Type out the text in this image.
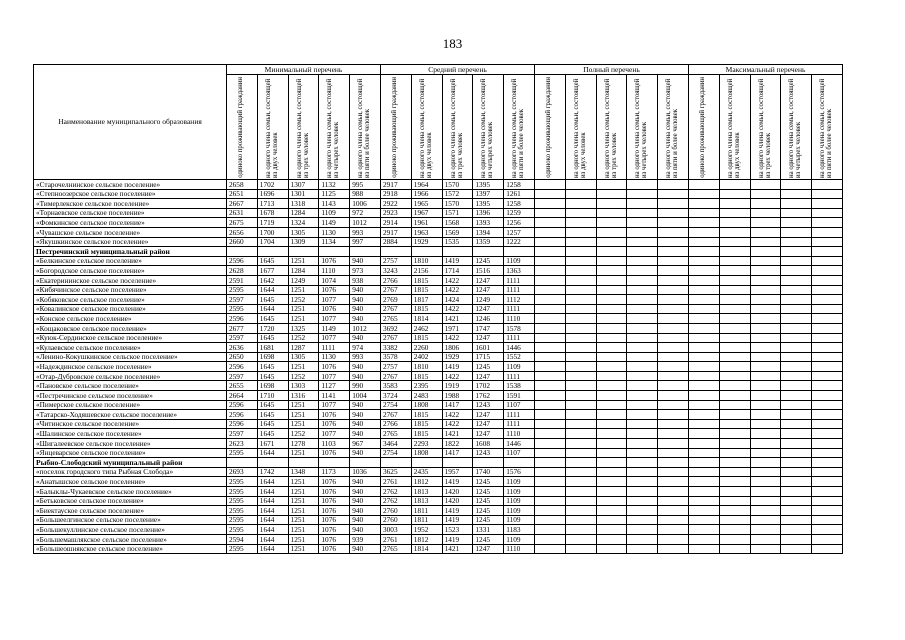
183
Наименование муниципального образования	Минимальный перечень					Средний перечень					Полный перечень					Максимальный перечень				
	одиноко проживающий гражданин	на одного члена семьи, состоящей из двух человек	на одного члена семьи, состоящей из трех человек	на одного члена семьи, состоящей из четырех человек	на одного члена семьи, состоящей из пяти и более человек	одиноко проживающий гражданин	на одного члена семьи, состоящей из двух человек	на одного члена семьи, состоящей из трех человек	на одного члена семьи, состоящей из четырех человек	на одного члена семьи, состоящей из пяти и более человек	одиноко проживающий гражданин	на одного члена семьи, состоящей из двух человек	на одного члена семьи, состоящей из трех человек	на одного члена семьи, состоящей из четырех человек	на одного члена семьи, состоящей из пяти и более человек	одиноко проживающий гражданин	на одного члена семьи, состоящей из двух человек	на одного члена семьи, состоящей из трех человек	на одного члена семьи, состоящей из четырех человек	на одного члена семьи, состоящей из пяти и более человек
«Старочелнинское сельское поселение»	2658	1702	1307	1132	995	2917	1964	1570	1395	1258										
«Степноозерское сельское поселение»	2651	1696	1301	1125	988	2918	1966	1572	1397	1261										
«Тимерлекское сельское поселение»	2667	1713	1318	1143	1006	2922	1965	1570	1395	1258										
«Торнаевское сельское поселение»	2631	1678	1284	1109	972	2923	1967	1571	1396	1259										
«Фомкинское сельское поселение»	2675	1719	1324	1149	1012	2914	1961	1568	1393	1256										
«Чувашское сельское поселение»	2656	1700	1305	1130	993	2917	1963	1569	1394	1257										
«Якушкинское сельское поселение»	2660	1704	1309	1134	997	2884	1929	1535	1359	1222										
Пестречинский муниципальный район																				
«Белкинское сельское поселение»	2596	1645	1251	1076	940	2757	1810	1419	1245	1109										
«Богородское сельское поселение»	2628	1677	1284	1110	973	3243	2156	1714	1516	1363										
«Екатерининское сельское поселение»	2591	1642	1249	1074	938	2766	1815	1422	1247	1111										
«Кибячинское сельское поселение»	2595	1644	1251	1076	940	2767	1815	1422	1247	1111										
«Кобяковское сельское поселение»	2597	1645	1252	1077	940	2769	1817	1424	1249	1112										
«Ковалинское сельское поселение»	2595	1644	1251	1076	940	2767	1815	1422	1247	1111										
«Конское сельское поселение»	2596	1645	1251	1077	940	2765	1814	1421	1246	1110										
«Кощаковское сельское поселение»	2677	1720	1325	1149	1012	3692	2462	1971	1747	1578										
«Куюк-Сердинское сельское поселение»	2597	1645	1252	1077	940	2767	1815	1422	1247	1111										
«Кулаевское сельское поселение»	2636	1681	1287	1111	974	3382	2260	1806	1601	1446										
«Ленино-Кокушкинское сельское поселение»	2650	1698	1305	1130	993	3578	2402	1929	1715	1552										
«Надеждинское сельское поселение»	2596	1645	1251	1076	940	2757	1810	1419	1245	1109										
«Отар-Дубровское сельское поселение»	2597	1645	1252	1077	940	2767	1815	1422	1247	1111										
«Пановское сельское поселение»	2655	1698	1303	1127	990	3583	2395	1919	1702	1538										
«Пестречинское сельское поселение»	2664	1710	1316	1141	1004	3724	2483	1988	1762	1591										
«Пимерское сельское поселение»	2596	1645	1251	1077	940	2754	1808	1417	1243	1107										
«Татарско-Ходяшевское сельское поселение»	2596	1645	1251	1076	940	2767	1815	1422	1247	1111										
«Читинское сельское поселение»	2596	1645	1251	1076	940	2766	1815	1422	1247	1111										
«Шалинское сельское поселение»	2597	1645	1252	1077	940	2765	1815	1421	1247	1110										
«Шигалеевское сельское поселение»	2623	1671	1278	1103	967	3464	2293	1822	1608	1446										
«Янцеварское сельское поселение»	2595	1644	1251	1076	940	2754	1808	1417	1243	1107										
Рыбно-Слободский муниципальный район																				
«поселок городского типа Рыбная Слобода»	2693	1742	1348	1173	1036	3625	2435	1957	1740	1576										
«Анатышское сельское поселение»	2595	1644	1251	1076	940	2761	1812	1419	1245	1109										
«Балыклы-Чукаевское сельское поселение»	2595	1644	1251	1076	940	2762	1813	1420	1245	1109										
«Бетьковское сельское поселение»	2595	1644	1251	1076	940	2762	1813	1420	1245	1109										
«Биектауское сельское поселение»	2595	1644	1251	1076	940	2760	1811	1419	1245	1109										
«Большеелгинское сельское поселение»	2595	1644	1251	1076	940	2760	1811	1419	1245	1109										
«Большекуллинское сельское поселение»	2595	1644	1251	1076	940	3003	1952	1523	1331	1183										
«Большемашлякское сельское поселение»	2594	1644	1251	1076	939	2761	1812	1419	1245	1109										
«Большеошнякское сельское поселение»	2595	1644	1251	1076	940	2765	1814	1421	1247	1110										
